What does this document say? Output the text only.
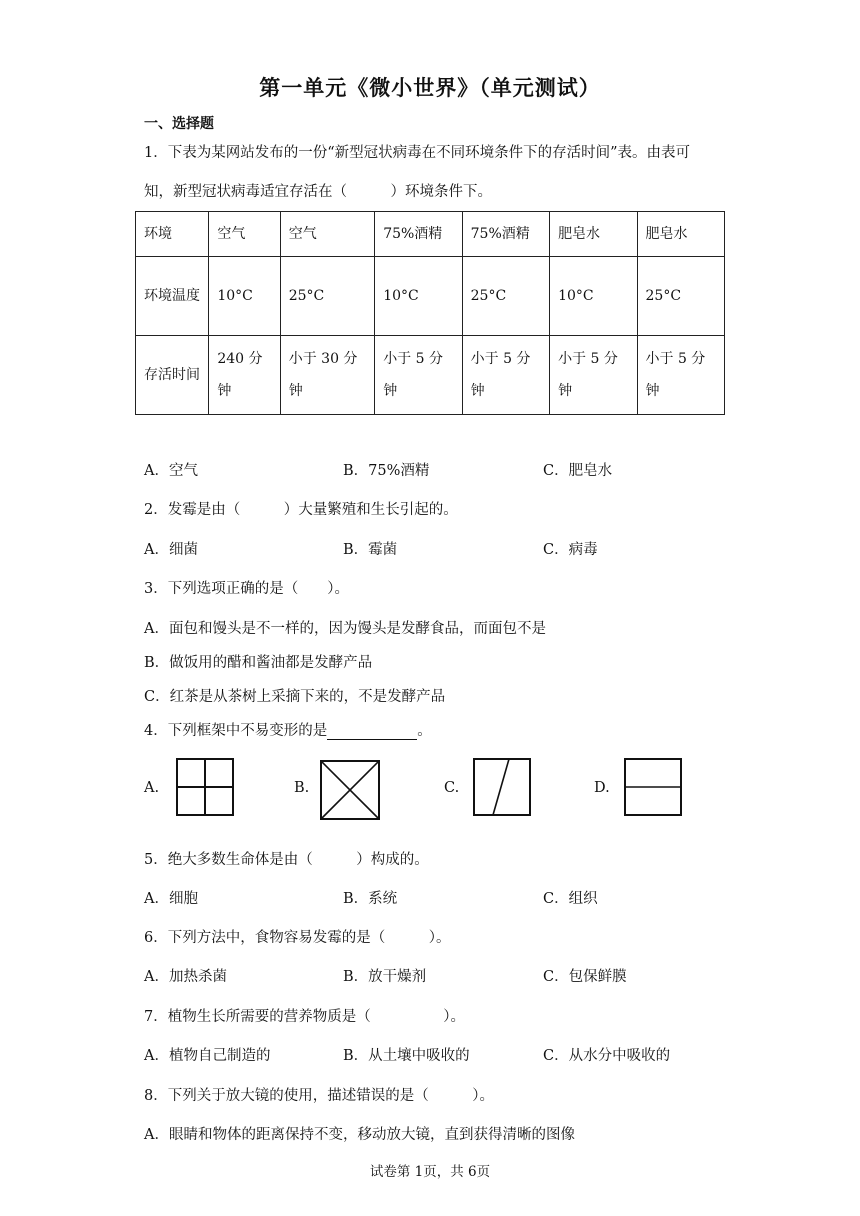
第一单元《微小世界》（单元测试）
一、选择题
1．下表为某网站发布的一份“新型冠状病毒在不同环境条件下的存活时间”表。由表可
知，新型冠状病毒适宜存活在（　　　）环境条件下。
环境	空气	空气	75%酒精	75%酒精	肥皂水	肥皂水
环境温度	10°C	25°C	10°C	25°C	10°C	25°C
存活时间	240 分钟	小于 30 分钟	小于 5 分钟	小于 5 分钟	小于 5 分钟	小于 5 分钟
A．空气	B．75%酒精	C．肥皂水
2．发霉是由（　　　）大量繁殖和生长引起的。
A．细菌	B．霉菌	C．病毒
3．下列选项正确的是（　　）。
A．面包和馒头是不一样的，因为馒头是发酵食品，而面包不是
B．做饭用的醋和酱油都是发酵产品
C．红茶是从茶树上采摘下来的，不是发酵产品
4．下列框架中不易变形的是	。
A.	B.	C.	D.
5．绝大多数生命体是由（　　　）构成的。
A．细胞	B．系统	C．组织
6．下列方法中，食物容易发霉的是（　　　）。
A．加热杀菌	B．放干燥剂	C．包保鲜膜
7．植物生长所需要的营养物质是（　　　　　）。
A．植物自己制造的	B．从土壤中吸收的	C．从水分中吸收的
8．下列关于放大镜的使用，描述错误的是（　　　）。
A．眼睛和物体的距离保持不变，移动放大镜，直到获得清晰的图像
试卷第 1页，共 6页
